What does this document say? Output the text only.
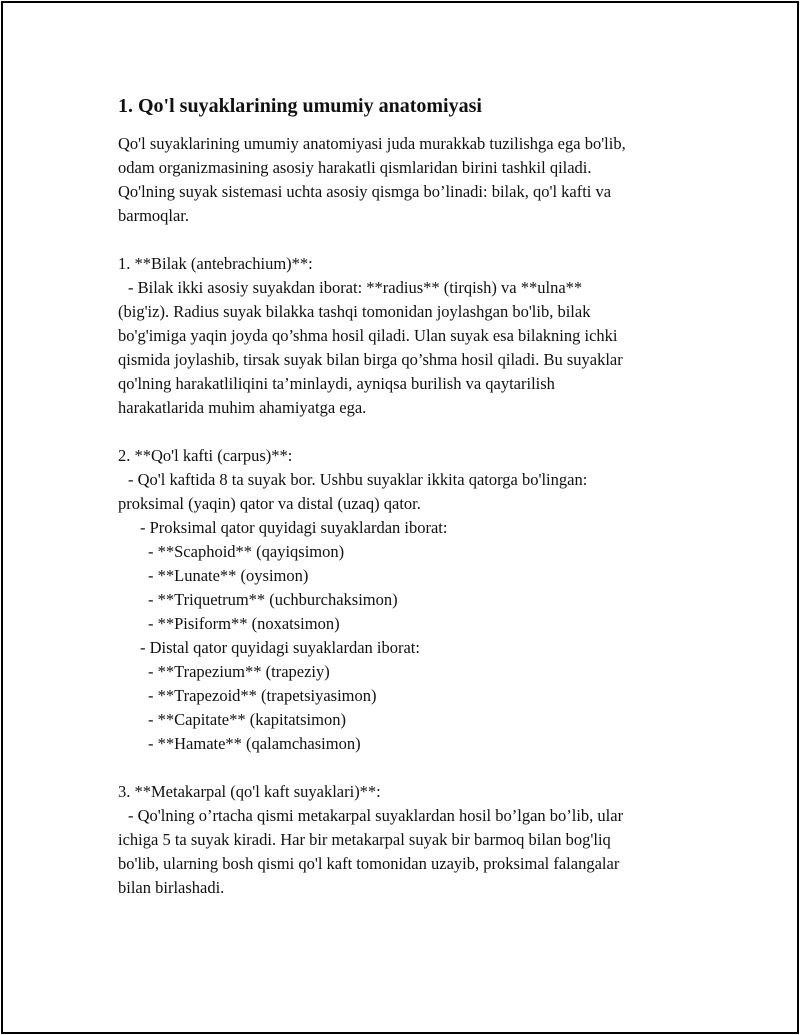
1. Qo'l suyaklarining umumiy anatomiyasi
Qo'l suyaklarining umumiy anatomiyasi juda murakkab tuzilishga ega bo'lib,
odam organizmasining asosiy harakatli qismlaridan birini tashkil qiladi.
Qo'lning suyak sistemasi uchta asosiy qismga bo’linadi: bilak, qo'l kafti va
barmoqlar.
1. **Bilak (antebrachium)**:
- Bilak ikki asosiy suyakdan iborat: **radius** (tirqish) va **ulna**
(big'iz). Radius suyak bilakka tashqi tomonidan joylashgan bo'lib, bilak
bo'g'imiga yaqin joyda qo’shma hosil qiladi. Ulan suyak esa bilakning ichki
qismida joylashib, tirsak suyak bilan birga qo’shma hosil qiladi. Bu suyaklar
qo'lning harakatliliqini ta’minlaydi, ayniqsa burilish va qaytarilish
harakatlarida muhim ahamiyatga ega.
2. **Qo'l kafti (carpus)**:
- Qo'l kaftida 8 ta suyak bor. Ushbu suyaklar ikkita qatorga bo'lingan:
proksimal (yaqin) qator va distal (uzaq) qator.
- Proksimal qator quyidagi suyaklardan iborat:
- **Scaphoid** (qayiqsimon)
- **Lunate** (oysimon)
- **Triquetrum** (uchburchaksimon)
- **Pisiform** (noxatsimon)
- Distal qator quyidagi suyaklardan iborat:
- **Trapezium** (trapeziy)
- **Trapezoid** (trapetsiyasimon)
- **Capitate** (kapitatsimon)
- **Hamate** (qalamchasimon)
3. **Metakarpal (qo'l kaft suyaklari)**:
- Qo'lning o’rtacha qismi metakarpal suyaklardan hosil bo’lgan bo’lib, ular
ichiga 5 ta suyak kiradi. Har bir metakarpal suyak bir barmoq bilan bog'liq
bo'lib, ularning bosh qismi qo'l kaft tomonidan uzayib, proksimal falangalar
bilan birlashadi.
